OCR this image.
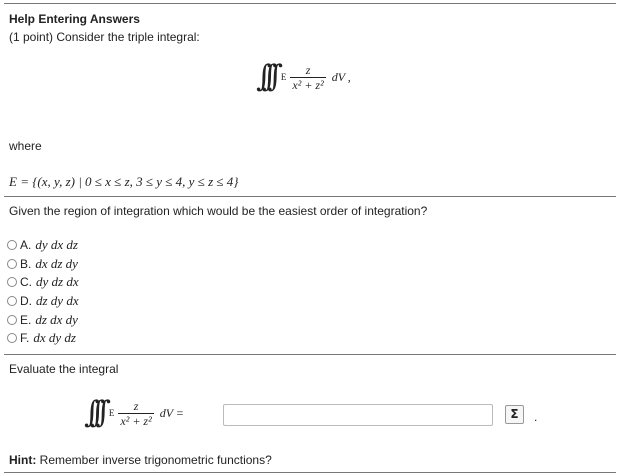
Help Entering Answers
(1 point) Consider the triple integral:
∫∫∫ E $\frac{z}{\text{x² + z²}}$ dV ,
where
E = {(x, y, z) | 0 ≤ x ≤ z, 3 ≤ y ≤ 4, y ≤ z ≤ 4}
Given the region of integration which would be the easiest order of integration?
A. dy dx dz
B. dx dz dy
C. dy dz dx
D. dz dy dx
E. dz dx dy
F. dx dy dz
Evaluate the integral
∫∫∫ E $\frac{z}{\text{x² + z²}}$ dV =	Σ	.
Hint: Remember inverse trigonometric functions?
